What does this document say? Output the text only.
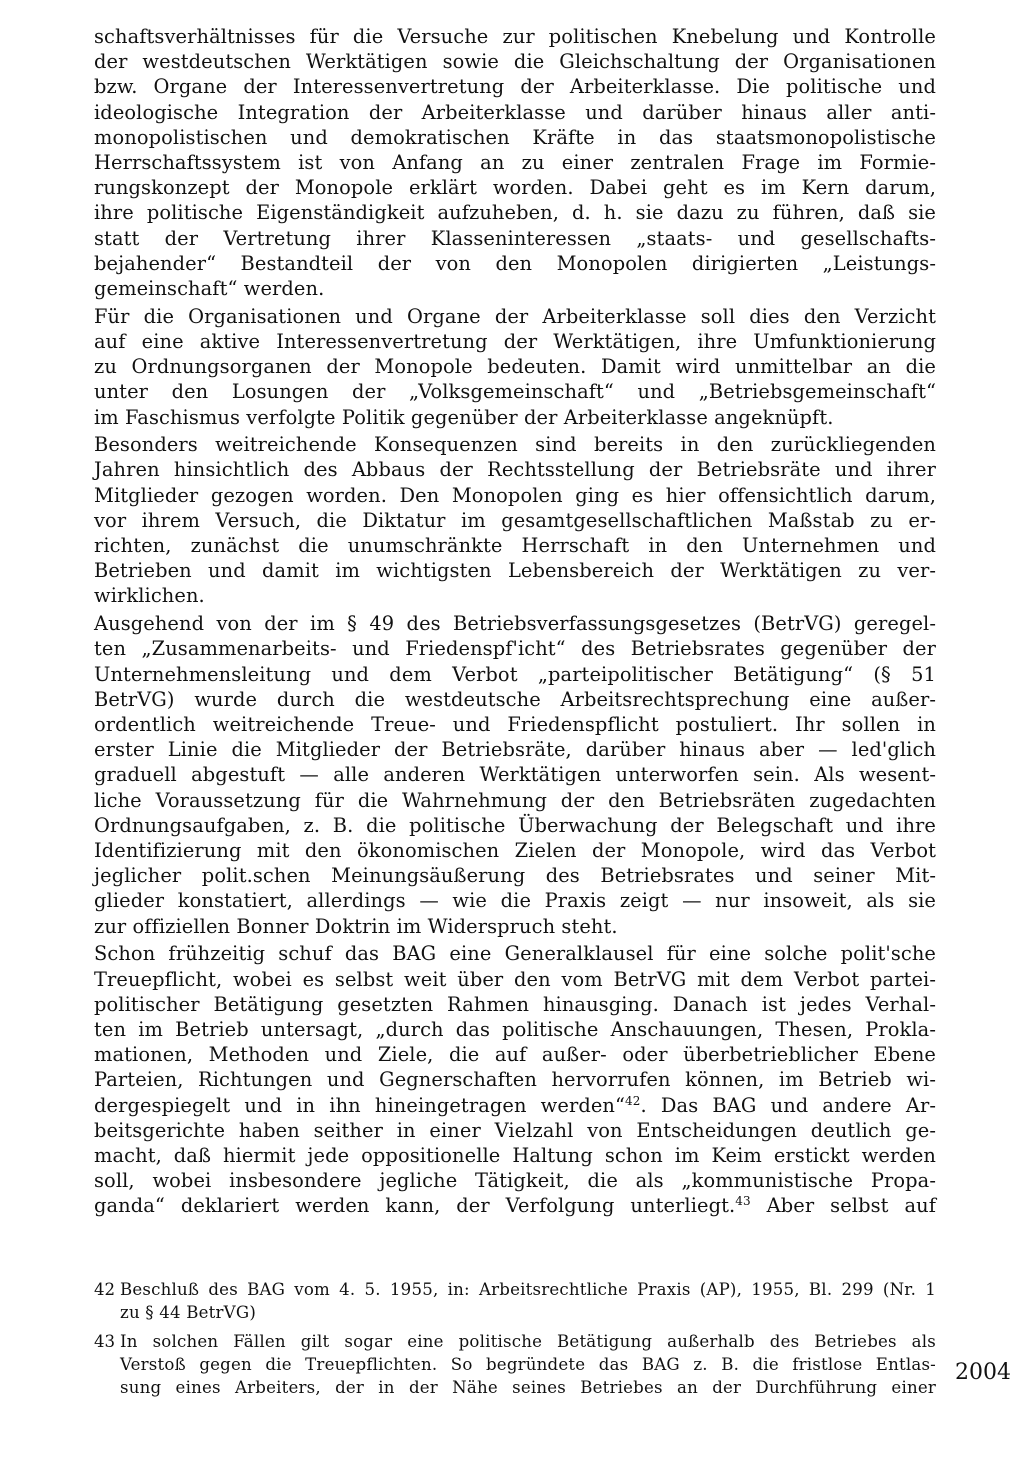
schaftsverhältnisses für die Versuche zur politischen Knebelung und Kontrolle
der westdeutschen Werktätigen sowie die Gleichschaltung der Organisationen
bzw. Organe der Interessenvertretung der Arbeiterklasse. Die politische und
ideologische Integration der Arbeiterklasse und darüber hinaus aller anti-
monopolistischen und demokratischen Kräfte in das staatsmonopolistische
Herrschaftssystem ist von Anfang an zu einer zentralen Frage im Formie-
rungskonzept der Monopole erklärt worden. Dabei geht es im Kern darum,
ihre politische Eigenständigkeit aufzuheben, d. h. sie dazu zu führen, daß sie
statt der Vertretung ihrer Klasseninteressen „staats- und gesellschafts-
bejahender“ Bestandteil der von den Monopolen dirigierten „Leistungs-
gemeinschaft“ werden.

Für die Organisationen und Organe der Arbeiterklasse soll dies den Verzicht
auf eine aktive Interessenvertretung der Werktätigen, ihre Umfunktionierung
zu Ordnungsorganen der Monopole bedeuten. Damit wird unmittelbar an die
unter den Losungen der „Volksgemeinschaft“ und „Betriebsgemeinschaft“
im Faschismus verfolgte Politik gegenüber der Arbeiterklasse angeknüpft.

Besonders weitreichende Konsequenzen sind bereits in den zurückliegenden
Jahren hinsichtlich des Abbaus der Rechtsstellung der Betriebsräte und ihrer
Mitglieder gezogen worden. Den Monopolen ging es hier offensichtlich darum,
vor ihrem Versuch, die Diktatur im gesamtgesellschaftlichen Maßstab zu er-
richten, zunächst die unumschränkte Herrschaft in den Unternehmen und
Betrieben und damit im wichtigsten Lebensbereich der Werktätigen zu ver-
wirklichen.

Ausgehend von der im § 49 des Betriebsverfassungsgesetzes (BetrVG) geregel-
ten „Zusammenarbeits- und Friedenspf'icht“ des Betriebsrates gegenüber der
Unternehmensleitung und dem Verbot „parteipolitischer Betätigung“ (§ 51
BetrVG) wurde durch die westdeutsche Arbeitsrechtsprechung eine außer-
ordentlich weitreichende Treue- und Friedenspflicht postuliert. Ihr sollen in
erster Linie die Mitglieder der Betriebsräte, darüber hinaus aber — led'glich
graduell abgestuft — alle anderen Werktätigen unterworfen sein. Als wesent-
liche Voraussetzung für die Wahrnehmung der den Betriebsräten zugedachten
Ordnungsaufgaben, z. B. die politische Überwachung der Belegschaft und ihre
Identifizierung mit den ökonomischen Zielen der Monopole, wird das Verbot
jeglicher polit.schen Meinungsäußerung des Betriebsrates und seiner Mit-
glieder konstatiert, allerdings — wie die Praxis zeigt — nur insoweit, als sie
zur offiziellen Bonner Doktrin im Widerspruch steht.

Schon frühzeitig schuf das BAG eine Generalklausel für eine solche polit'sche
Treuepflicht, wobei es selbst weit über den vom BetrVG mit dem Verbot partei-
politischer Betätigung gesetzten Rahmen hinausging. Danach ist jedes Verhal-
ten im Betrieb untersagt, „durch das politische Anschauungen, Thesen, Prokla-
mationen, Methoden und Ziele, die auf außer- oder überbetrieblicher Ebene
Parteien, Richtungen und Gegnerschaften hervorrufen können, im Betrieb wi-
dergespiegelt und in ihn hineingetragen werden“$^{42}$. Das BAG und andere Ar-
beitsgerichte haben seither in einer Vielzahl von Entscheidungen deutlich ge-
macht, daß hiermit jede oppositionelle Haltung schon im Keim erstickt werden
soll, wobei insbesondere jegliche Tätigkeit, die als „kommunistische Propa-
ganda“ deklariert werden kann, der Verfolgung unterliegt.$^{43}$ Aber selbst auf

42 Beschluß des BAG vom 4. 5. 1955, in: Arbeitsrechtliche Praxis (AP), 1955, Bl. 299 (Nr. 1
zu § 44 BetrVG)
43 In solchen Fällen gilt sogar eine politische Betätigung außerhalb des Betriebes als
Verstoß gegen die Treuepflichten. So begründete das BAG z. B. die fristlose Entlas-
sung eines Arbeiters, der in der Nähe seines Betriebes an der Durchführung einer
2004
